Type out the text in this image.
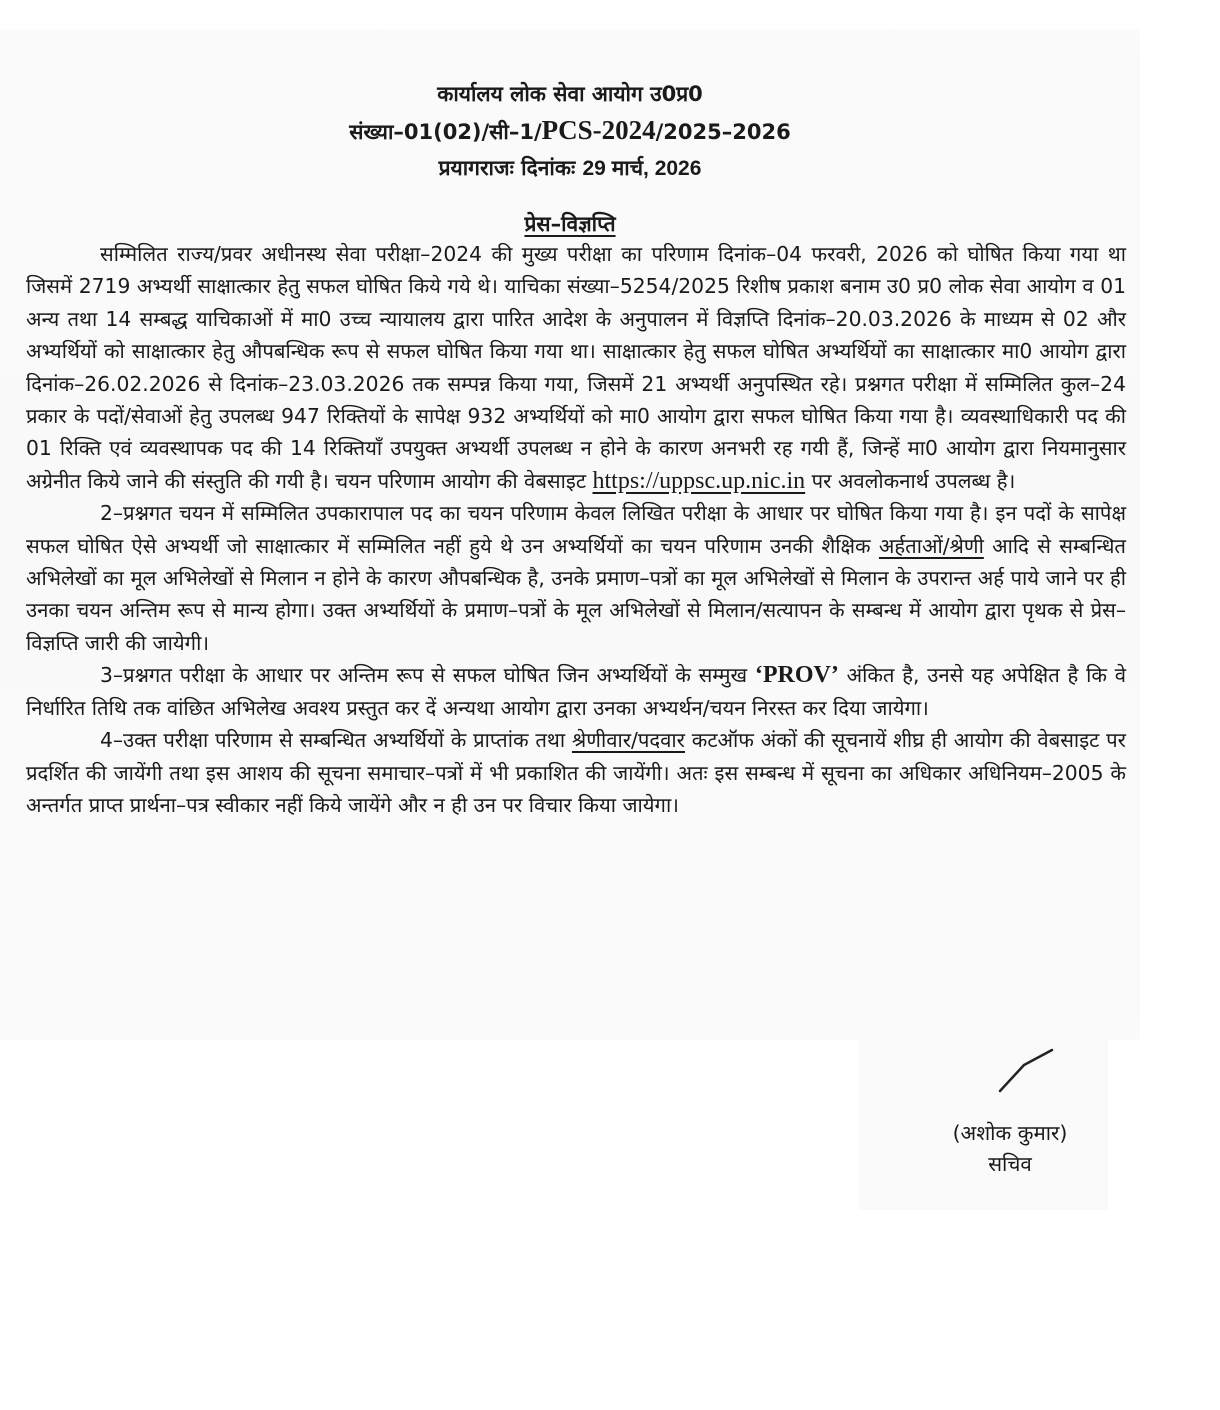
कार्यालय लोक सेवा आयोग उ0प्र0
संख्या–01(02)/सी–1/PCS-2024/2025–2026
प्रयागराजः दिनांकः 29 मार्च, 2026
प्रेस–विज्ञप्ति

सम्मिलित राज्य/प्रवर अधीनस्थ सेवा परीक्षा–2024 की मुख्य परीक्षा का परिणाम दिनांक–04 फरवरी, 2026 को घोषित किया गया था जिसमें 2719 अभ्यर्थी साक्षात्कार हेतु सफल घोषित किये गये थे। याचिका संख्या–5254/2025 रिशीष प्रकाश बनाम उ0 प्र0 लोक सेवा आयोग व 01 अन्य तथा 14 सम्बद्ध याचिकाओं में मा0 उच्च न्यायालय द्वारा पारित आदेश के अनुपालन में विज्ञप्ति दिनांक–20.03.2026 के माध्यम से 02 और अभ्यर्थियों को साक्षात्कार हेतु औपबन्धिक रूप से सफल घोषित किया गया था। साक्षात्कार हेतु सफल घोषित अभ्यर्थियों का साक्षात्कार मा0 आयोग द्वारा दिनांक–26.02.2026 से दिनांक–23.03.2026 तक सम्पन्न किया गया, जिसमें 21 अभ्यर्थी अनुपस्थित रहे। प्रश्नगत परीक्षा में सम्मिलित कुल–24 प्रकार के पदों/सेवाओं हेतु उपलब्ध 947 रिक्तियों के सापेक्ष 932 अभ्यर्थियों को मा0 आयोग द्वारा सफल घोषित किया गया है। व्यवस्थाधिकारी पद की 01 रिक्ति एवं व्यवस्थापक पद की 14 रिक्तियाँ उपयुक्त अभ्यर्थी उपलब्ध न होने के कारण अनभरी रह गयी हैं, जिन्हें मा0 आयोग द्वारा नियमानुसार अग्रेनीत किये जाने की संस्तुति की गयी है। चयन परिणाम आयोग की वेबसाइट https://uppsc.up.nic.in पर अवलोकनार्थ उपलब्ध है।

2–प्रश्नगत चयन में सम्मिलित उपकारापाल पद का चयन परिणाम केवल लिखित परीक्षा के आधार पर घोषित किया गया है। इन पदों के सापेक्ष सफल घोषित ऐसे अभ्यर्थी जो साक्षात्कार में सम्मिलित नहीं हुये थे उन अभ्यर्थियों का चयन परिणाम उनकी शैक्षिक अर्हताओं/श्रेणी आदि से सम्बन्धित अभिलेखों का मूल अभिलेखों से मिलान न होने के कारण औपबन्धिक है, उनके प्रमाण–पत्रों का मूल अभिलेखों से मिलान के उपरान्त अर्ह पाये जाने पर ही उनका चयन अन्तिम रूप से मान्य होगा। उक्त अभ्यर्थियों के प्रमाण–पत्रों के मूल अभिलेखों से मिलान/सत्यापन के सम्बन्ध में आयोग द्वारा पृथक से प्रेस–विज्ञप्ति जारी की जायेगी।

3–प्रश्नगत परीक्षा के आधार पर अन्तिम रूप से सफल घोषित जिन अभ्यर्थियों के सम्मुख ‘PROV’ अंकित है, उनसे यह अपेक्षित है कि वे निर्धारित तिथि तक वांछित अभिलेख अवश्य प्रस्तुत कर दें अन्यथा आयोग द्वारा उनका अभ्यर्थन/चयन निरस्त कर दिया जायेगा।

4–उक्त परीक्षा परिणाम से सम्बन्धित अभ्यर्थियों के प्राप्तांक तथा श्रेणीवार/पदवार कटऑफ अंकों की सूचनायें शीघ्र ही आयोग की वेबसाइट पर प्रदर्शित की जायेंगी तथा इस आशय की सूचना समाचार–पत्रों में भी प्रकाशित की जायेंगी। अतः इस सम्बन्ध में सूचना का अधिकार अधिनियम–2005 के अन्तर्गत प्राप्त प्रार्थना–पत्र स्वीकार नहीं किये जायेंगे और न ही उन पर विचार किया जायेगा।

(अशोक कुमार)
सचिव
